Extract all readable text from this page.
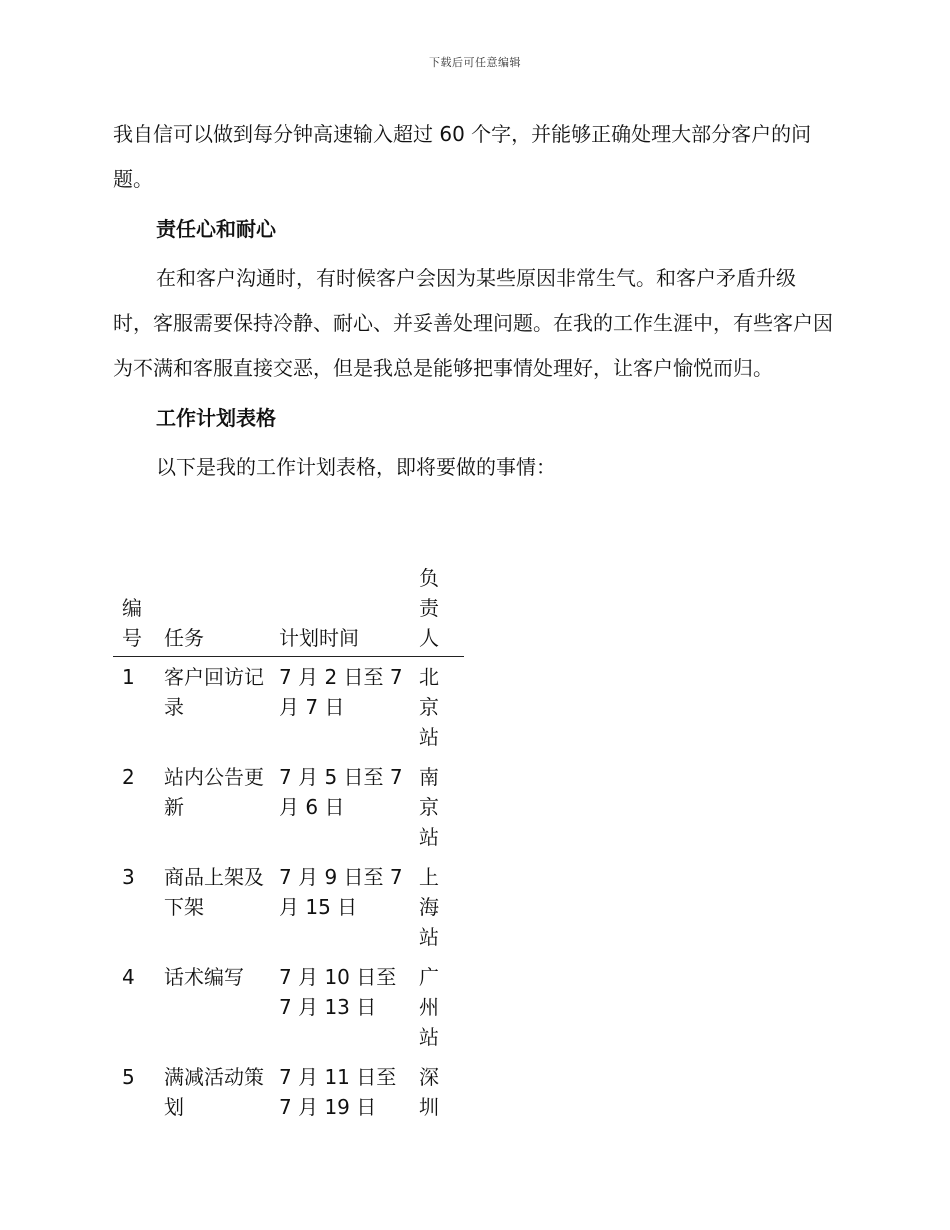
下载后可任意编辑

我自信可以做到每分钟高速输入超过 60 个字，并能够正确处理大部分客户的问题。

责任心和耐心

在和客户沟通时，有时候客户会因为某些原因非常生气。和客户矛盾升级时，客服需要保持冷静、耐心、并妥善处理问题。在我的工作生涯中，有些客户因为不满和客服直接交恶，但是我总是能够把事情处理好，让客户愉悦而归。

工作计划表格

以下是我的工作计划表格，即将要做的事情：

编号	任务	计划时间	负责人

1	客户回访记录	7 月 2 日至 7 月 7 日	北京站

2	站内公告更新	7 月 5 日至 7 月 6 日	南京站

3	商品上架及下架	7 月 9 日至 7 月 15 日	上海站

4	话术编写	7 月 10 日至 7 月 13 日	广州站

5	满减活动策划	7 月 11 日至 7 月 19 日	深圳
